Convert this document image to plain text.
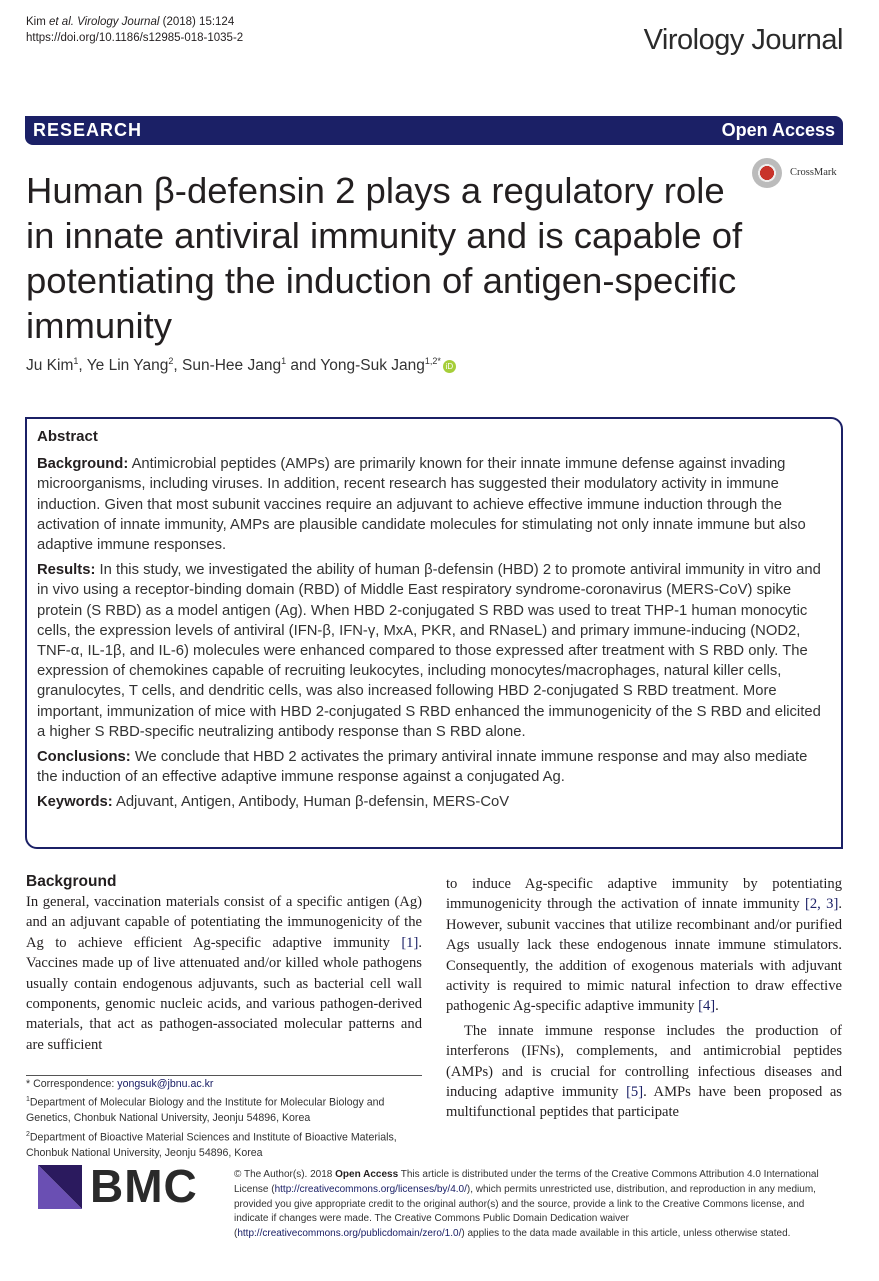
Kim et al. Virology Journal (2018) 15:124
https://doi.org/10.1186/s12985-018-1035-2	Virology Journal
RESEARCH	Open Access
CrossMark
Human β-defensin 2 plays a regulatory role in innate antiviral immunity and is capable of potentiating the induction of antigen-specific immunity
Ju Kim$^1$, Ye Lin Yang$^2$, Sun-Hee Jang$^1$ and Yong-Suk Jang$^{1,2*}$iD
Abstract

Background: Antimicrobial peptides (AMPs) are primarily known for their innate immune defense against invading microorganisms, including viruses. In addition, recent research has suggested their modulatory activity in immune induction. Given that most subunit vaccines require an adjuvant to achieve effective immune induction through the activation of innate immunity, AMPs are plausible candidate molecules for stimulating not only innate immune but also adaptive immune responses.

Results: In this study, we investigated the ability of human β-defensin (HBD) 2 to promote antiviral immunity in vitro and in vivo using a receptor-binding domain (RBD) of Middle East respiratory syndrome-coronavirus (MERS-CoV) spike protein (S RBD) as a model antigen (Ag). When HBD 2-conjugated S RBD was used to treat THP-1 human monocytic cells, the expression levels of antiviral (IFN-β, IFN-γ, MxA, PKR, and RNaseL) and primary immune-inducing (NOD2, TNF-α, IL-1β, and IL-6) molecules were enhanced compared to those expressed after treatment with S RBD only. The expression of chemokines capable of recruiting leukocytes, including monocytes/macrophages, natural killer cells, granulocytes, T cells, and dendritic cells, was also increased following HBD 2-conjugated S RBD treatment. More important, immunization of mice with HBD 2-conjugated S RBD enhanced the immunogenicity of the S RBD and elicited a higher S RBD-specific neutralizing antibody response than S RBD alone.

Conclusions: We conclude that HBD 2 activates the primary antiviral innate immune response and may also mediate the induction of an effective adaptive immune response against a conjugated Ag.

Keywords: Adjuvant, Antigen, Antibody, Human β-defensin, MERS-CoV

Background

In general, vaccination materials consist of a specific antigen (Ag) and an adjuvant capable of potentiating the immunogenicity of the Ag to achieve efficient Ag-specific adaptive immunity [1]. Vaccines made up of live attenuated and/or killed whole pathogens usually contain endogenous adjuvants, such as bacterial cell wall components, genomic nucleic acids, and various pathogen-derived materials, that act as pathogen-associated molecular patterns and are sufficient

to induce Ag-specific adaptive immunity by potentiating immunogenicity through the activation of innate immunity [2, 3]. However, subunit vaccines that utilize recombinant and/or purified Ags usually lack these endogenous innate immune stimulators. Consequently, the addition of exogenous materials with adjuvant activity is required to mimic natural infection to draw effective pathogenic Ag-specific adaptive immunity [4].

The innate immune response includes the production of interferons (IFNs), complements, and antimicrobial peptides (AMPs) and is crucial for controlling infectious diseases and inducing adaptive immunity [5]. AMPs have been proposed as multifunctional peptides that participate

* Correspondence: yongsuk@jbnu.ac.kr

$^1$Department of Molecular Biology and the Institute for Molecular Biology and Genetics, Chonbuk National University, Jeonju 54896, Korea

$^2$Department of Bioactive Material Sciences and Institute of Bioactive Materials, Chonbuk National University, Jeonju 54896, Korea

BMC	© The Author(s). 2018 Open Access This article is distributed under the terms of the Creative Commons Attribution 4.0 International License (http://creativecommons.org/licenses/by/4.0/), which permits unrestricted use, distribution, and reproduction in any medium, provided you give appropriate credit to the original author(s) and the source, provide a link to the Creative Commons license, and indicate if changes were made. The Creative Commons Public Domain Dedication waiver (http://creativecommons.org/publicdomain/zero/1.0/) applies to the data made available in this article, unless otherwise stated.
